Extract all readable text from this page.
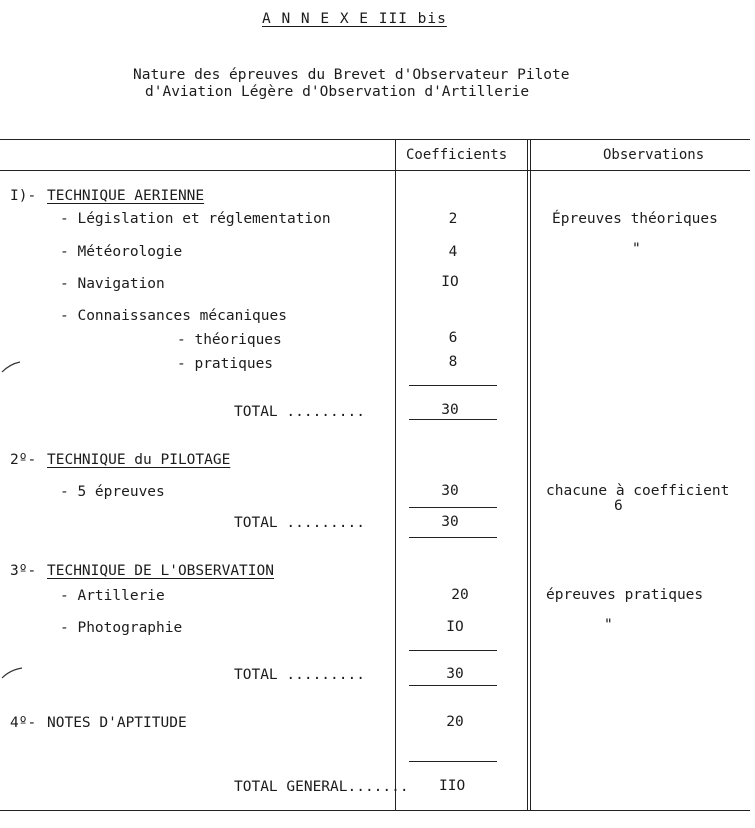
A N N E X E III bis
Nature des épreuves du Brevet d'Observateur Pilote
d'Aviation Légère d'Observation d'Artillerie
Coefficients	Observations
I)- TECHNIQUE AERIENNE
- Législation et réglementation	2	Épreuves théoriques
- Météorologie	4	"
- Navigation	IO
- Connaissances mécaniques
- théoriques	6
- pratiques	8
TOTAL .........	30
2º- TECHNIQUE du PILOTAGE
- 5 épreuves	30	chacune à coefficient
6
TOTAL .........	30
3º- TECHNIQUE DE L'OBSERVATION
- Artillerie	20	épreuves pratiques
- Photographie	IO	"
TOTAL .........	30
4º- NOTES D'APTITUDE	20
TOTAL GENERAL....... IIO
